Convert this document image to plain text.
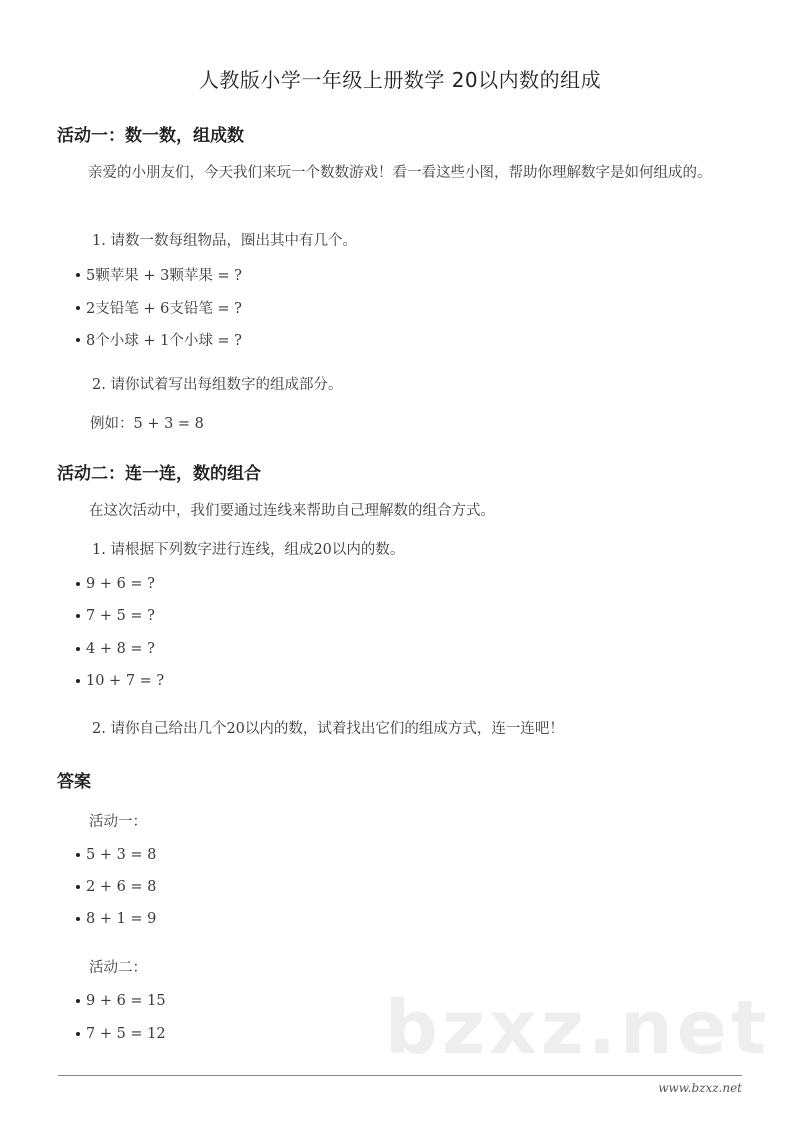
人教版小学一年级上册数学 20以内数的组成
活动一：数一数，组成数
亲爱的小朋友们，今天我们来玩一个数数游戏！看一看这些小图，帮助你理解数字是如何组成的。
1. 请数一数每组物品，圈出其中有几个。
5颗苹果 + 3颗苹果 = ?
2支铅笔 + 6支铅笔 = ?
8个小球 + 1个小球 = ?
2. 请你试着写出每组数字的组成部分。
例如：5 + 3 = 8
活动二：连一连，数的组合
在这次活动中，我们要通过连线来帮助自己理解数的组合方式。
1. 请根据下列数字进行连线，组成20以内的数。
9 + 6 = ?
7 + 5 = ?
4 + 8 = ?
10 + 7 = ?
2. 请你自己给出几个20以内的数，试着找出它们的组成方式，连一连吧！
答案
活动一：
5 + 3 = 8
2 + 6 = 8
8 + 1 = 9
活动二：
9 + 6 = 15
7 + 5 = 12	bzxz.net
www.bzxz.net
